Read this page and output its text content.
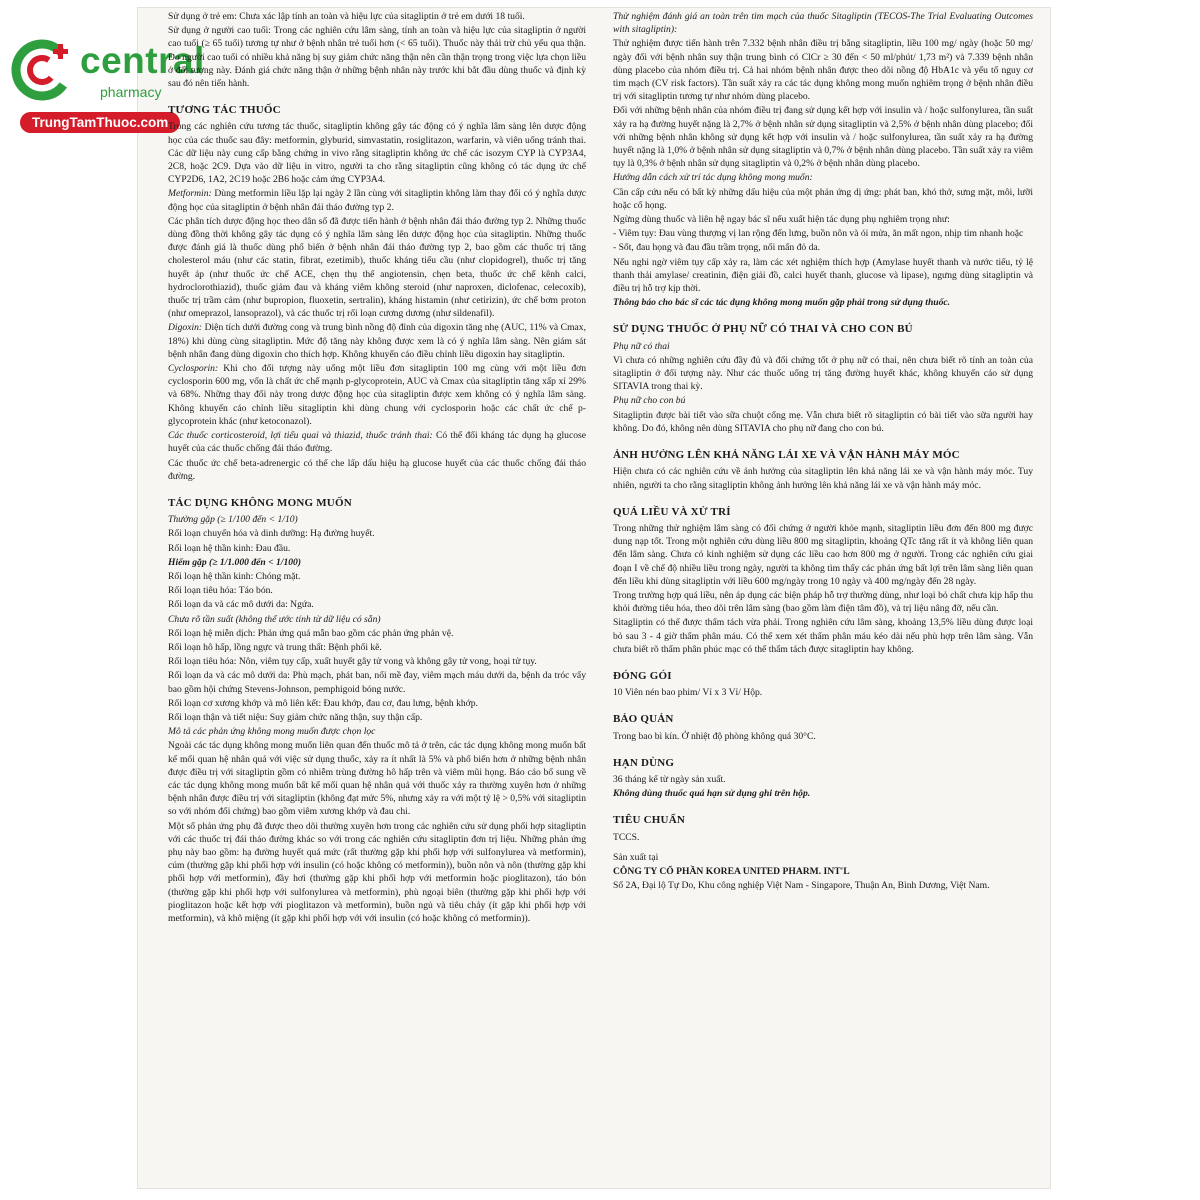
central
pharmacy
TrungTamThuoc.com

Sử dụng ở trẻ em: Chưa xác lập tính an toàn và hiệu lực của sitagliptin ở trẻ em dưới 18 tuổi.

Sử dụng ở người cao tuổi: Trong các nghiên cứu lâm sàng, tính an toàn và hiệu lực của sitagliptin ở người cao tuổi (≥ 65 tuổi) tương tự như ở bệnh nhân trẻ tuổi hơn (< 65 tuổi). Thuốc này thải trừ chủ yếu qua thận. Do người cao tuổi có nhiều khả năng bị suy giảm chức năng thận nên cần thận trọng trong việc lựa chọn liều ở đối tượng này. Đánh giá chức năng thận ở những bệnh nhân này trước khi bắt đầu dùng thuốc và định kỳ sau đó nên tiến hành.

TƯƠNG TÁC THUỐC

Trong các nghiên cứu tương tác thuốc, sitagliptin không gây tác động có ý nghĩa lâm sàng lên dược động học của các thuốc sau đây: metformin, glyburid, simvastatin, rosiglitazon, warfarin, và viên uống tránh thai. Các dữ liệu này cung cấp bằng chứng in vivo rằng sitagliptin không ức chế các isozym CYP là CYP3A4, 2C8, hoặc 2C9. Dựa vào dữ liệu in vitro, người ta cho rằng sitagliptin cũng không có tác dụng ức chế CYP2D6, 1A2, 2C19 hoặc 2B6 hoặc cảm ứng CYP3A4.

Metformin: Dùng metformin liều lặp lại ngày 2 lần cùng với sitagliptin không làm thay đổi có ý nghĩa dược động học của sitagliptin ở bệnh nhân đái tháo đường typ 2.

Các phân tích dược động học theo dân số đã được tiến hành ở bệnh nhân đái tháo đường typ 2. Những thuốc dùng đồng thời không gây tác dụng có ý nghĩa lâm sàng lên dược động học của sitagliptin. Những thuốc được đánh giá là thuốc dùng phổ biến ở bệnh nhân đái tháo đường typ 2, bao gồm các thuốc trị tăng cholesterol máu (như các statin, fibrat, ezetimib), thuốc kháng tiểu cầu (như clopidogrel), thuốc trị tăng huyết áp (như thuốc ức chế ACE, chẹn thụ thể angiotensin, chẹn beta, thuốc ức chế kênh calci, hydroclorothiazid), thuốc giảm đau và kháng viêm không steroid (như naproxen, diclofenac, celecoxib), thuốc trị trầm cảm (như bupropion, fluoxetin, sertralin), kháng histamin (như cetirizin), ức chế bơm proton (như omeprazol, lansoprazol), và các thuốc trị rối loạn cương dương (như sildenafil).

Digoxin: Diện tích dưới đường cong và trung bình nồng độ đỉnh của digoxin tăng nhẹ (AUC, 11% và Cmax, 18%) khi dùng cùng sitagliptin. Mức độ tăng này không được xem là có ý nghĩa lâm sàng. Nên giám sát bệnh nhân đang dùng digoxin cho thích hợp. Không khuyến cáo điều chỉnh liều digoxin hay sitagliptin.

Cyclosporin: Khi cho đối tượng này uống một liều đơn sitagliptin 100 mg cùng với một liều đơn cyclosporin 600 mg, vốn là chất ức chế mạnh p-glycoprotein, AUC và Cmax của sitagliptin tăng xấp xỉ 29% và 68%. Những thay đổi này trong dược động học của sitagliptin được xem không có ý nghĩa lâm sàng. Không khuyến cáo chỉnh liều sitagliptin khi dùng chung với cyclosporin hoặc các chất ức chế p-glycoprotein khác (như ketoconazol).

Các thuốc corticosteroid, lợi tiểu quai và thiazid, thuốc tránh thai: Có thể đối kháng tác dụng hạ glucose huyết của các thuốc chống đái tháo đường.

Các thuốc ức chế beta-adrenergic có thể che lấp dấu hiệu hạ glucose huyết của các thuốc chống đái tháo đường.

TÁC DỤNG KHÔNG MONG MUỐN

Thường gặp (≥ 1/100 đến < 1/10)

Rối loạn chuyển hóa và dinh dưỡng: Hạ đường huyết.

Rối loạn hệ thần kinh: Đau đầu.

Hiếm gặp (≥ 1/1.000 đến < 1/100)

Rối loạn hệ thần kinh: Chóng mặt.

Rối loạn tiêu hóa: Táo bón.

Rối loạn da và các mô dưới da: Ngứa.

Chưa rõ tần suất (không thể ước tính từ dữ liệu có sẵn)

Rối loạn hệ miễn dịch: Phản ứng quá mẫn bao gồm các phản ứng phản vệ.

Rối loạn hô hấp, lồng ngực và trung thất: Bệnh phổi kẽ.

Rối loạn tiêu hóa: Nôn, viêm tụy cấp, xuất huyết gây tử vong và không gây tử vong, hoại tử tụy.

Rối loạn da và các mô dưới da: Phù mạch, phát ban, nổi mề đay, viêm mạch máu dưới da, bệnh da tróc vẩy bao gồm hội chứng Stevens-Johnson, pemphigoid bóng nước.

Rối loạn cơ xương khớp và mô liên kết: Đau khớp, đau cơ, đau lưng, bệnh khớp.

Rối loạn thận và tiết niệu: Suy giảm chức năng thận, suy thận cấp.

Mô tả các phản ứng không mong muốn được chọn lọc

Ngoài các tác dụng không mong muốn liên quan đến thuốc mô tả ở trên, các tác dụng không mong muốn bất kể mối quan hệ nhân quả với việc sử dụng thuốc, xảy ra ít nhất là 5% và phổ biến hơn ở những bệnh nhân được điều trị với sitagliptin gồm có nhiễm trùng đường hô hấp trên và viêm mũi họng. Báo cáo bổ sung về các tác dụng không mong muốn bất kể mối quan hệ nhân quả với thuốc xảy ra thường xuyên hơn ở những bệnh nhân được điều trị với sitagliptin (không đạt mức 5%, nhưng xảy ra với một tỷ lệ > 0,5% với sitagliptin so với nhóm đối chứng) bao gồm viêm xương khớp và đau chi.

Một số phản ứng phụ đã được theo dõi thường xuyên hơn trong các nghiên cứu sử dụng phối hợp sitagliptin với các thuốc trị đái tháo đường khác so với trong các nghiên cứu sitagliptin đơn trị liệu. Những phản ứng phụ này bao gồm: hạ đường huyết quá mức (rất thường gặp khi phối hợp với sulfonylurea và metformin), cúm (thường gặp khi phối hợp với insulin (có hoặc không có metformin)), buồn nôn và nôn (thường gặp khi phối hợp với metformin), đầy hơi (thường gặp khi phối hợp với metformin hoặc pioglitazon), táo bón (thường gặp khi phối hợp với sulfonylurea và metformin), phù ngoại biên (thường gặp khi phối hợp với pioglitazon hoặc kết hợp với pioglitazon và metformin), buồn ngủ và tiêu chảy (ít gặp khi phối hợp với metformin), và khô miệng (ít gặp khi phối hợp với với insulin (có hoặc không có metformin)).

Thử nghiệm đánh giá an toàn trên tim mạch của thuốc Sitagliptin (TECOS-The Trial Evaluating Outcomes with sitagliptin):

Thử nghiệm được tiến hành trên 7.332 bệnh nhân điều trị bằng sitagliptin, liều 100 mg/ ngày (hoặc 50 mg/ ngày đối với bệnh nhân suy thận trung bình có ClCr ≥ 30 đến < 50 ml/phút/ 1,73 m²) và 7.339 bệnh nhân dùng placebo của nhóm điều trị. Cả hai nhóm bệnh nhân được theo dõi nồng độ HbA1c và yếu tố nguy cơ tim mạch (CV risk factors). Tần suất xảy ra các tác dụng không mong muốn nghiêm trọng ở bệnh nhân điều trị với sitagliptin tương tự như nhóm dùng placebo.

Đối với những bệnh nhân của nhóm điều trị đang sử dụng kết hợp với insulin và / hoặc sulfonylurea, tần suất xảy ra hạ đường huyết nặng là 2,7% ở bệnh nhân sử dụng sitagliptin và 2,5% ở bệnh nhân dùng placebo; đối với những bệnh nhân không sử dụng kết hợp với insulin và / hoặc sulfonylurea, tần suất xảy ra hạ đường huyết nặng là 1,0% ở bệnh nhân sử dụng sitagliptin và 0,7% ở bệnh nhân dùng placebo. Tần suất xảy ra viêm tụy là 0,3% ở bệnh nhân sử dụng sitagliptin và 0,2% ở bệnh nhân dùng placebo.

Hướng dẫn cách xử trí tác dụng không mong muốn:

Cần cấp cứu nếu có bất kỳ những dấu hiệu của một phản ứng dị ứng: phát ban, khó thở, sưng mặt, môi, lưỡi hoặc cổ họng.

Ngừng dùng thuốc và liên hệ ngay bác sĩ nếu xuất hiện tác dụng phụ nghiêm trọng như:

- Viêm tụy: Đau vùng thượng vị lan rộng đến lưng, buồn nôn và ói mửa, ăn mất ngon, nhịp tim nhanh hoặc

- Sốt, đau họng và đau đầu trầm trọng, nổi mẩn đỏ da.

Nếu nghi ngờ viêm tụy cấp xảy ra, làm các xét nghiệm thích hợp (Amylase huyết thanh và nước tiểu, tỷ lệ thanh thải amylase/ creatinin, điện giải đồ, calci huyết thanh, glucose và lipase), ngưng dùng sitagliptin và điều trị hỗ trợ kịp thời.

Thông báo cho bác sĩ các tác dụng không mong muốn gặp phải trong sử dụng thuốc.

SỬ DỤNG THUỐC Ở PHỤ NỮ CÓ THAI VÀ CHO CON BÚ

Phụ nữ có thai

Vì chưa có những nghiên cứu đầy đủ và đối chứng tốt ở phụ nữ có thai, nên chưa biết rõ tính an toàn của sitagliptin ở đối tượng này. Như các thuốc uống trị tăng đường huyết khác, không khuyến cáo sử dụng SITAVIA trong thai kỳ.

Phụ nữ cho con bú

Sitagliptin được bài tiết vào sữa chuột cống mẹ. Vẫn chưa biết rõ sitagliptin có bài tiết vào sữa người hay không. Do đó, không nên dùng SITAVIA cho phụ nữ đang cho con bú.

ẢNH HƯỞNG LÊN KHẢ NĂNG LÁI XE VÀ VẬN HÀNH MÁY MÓC

Hiện chưa có các nghiên cứu về ảnh hưởng của sitagliptin lên khả năng lái xe và vận hành máy móc. Tuy nhiên, người ta cho rằng sitagliptin không ảnh hưởng lên khả năng lái xe và vận hành máy móc.

QUÁ LIỀU VÀ XỬ TRÍ

Trong những thử nghiệm lâm sàng có đối chứng ở người khỏe mạnh, sitagliptin liều đơn đến 800 mg được dung nạp tốt. Trong một nghiên cứu dùng liều 800 mg sitagliptin, khoảng QTc tăng rất ít và không liên quan đến lâm sàng. Chưa có kinh nghiệm sử dụng các liều cao hơn 800 mg ở người. Trong các nghiên cứu giai đoạn I về chế độ nhiều liều trong ngày, người ta không tìm thấy các phản ứng bất lợi trên lâm sàng liên quan đến liều khi dùng sitagliptin với liều 600 mg/ngày trong 10 ngày và 400 mg/ngày đến 28 ngày.

Trong trường hợp quá liều, nên áp dụng các biện pháp hỗ trợ thường dùng, như loại bỏ chất chưa kịp hấp thu khỏi đường tiêu hóa, theo dõi trên lâm sàng (bao gồm làm điện tâm đồ), và trị liệu nâng đỡ, nếu cần.

Sitagliptin có thể được thẩm tách vừa phải. Trong nghiên cứu lâm sàng, khoảng 13,5% liều dùng được loại bỏ sau 3 - 4 giờ thẩm phân máu. Có thể xem xét thẩm phân máu kéo dài nếu phù hợp trên lâm sàng. Vẫn chưa biết rõ thẩm phân phúc mạc có thể thẩm tách được sitagliptin hay không.

ĐÓNG GÓI

10 Viên nén bao phim/ Vỉ x 3 Vỉ/ Hộp.

BẢO QUẢN

Trong bao bì kín. Ở nhiệt độ phòng không quá 30°C.

HẠN DÙNG

36 tháng kể từ ngày sản xuất.

Không dùng thuốc quá hạn sử dụng ghi trên hộp.

TIÊU CHUẨN

TCCS.

Sản xuất tại

CÔNG TY CỔ PHẦN KOREA UNITED PHARM. INT'L

Số 2A, Đại lộ Tự Do, Khu công nghiệp Việt Nam - Singapore, Thuận An, Bình Dương, Việt Nam.
